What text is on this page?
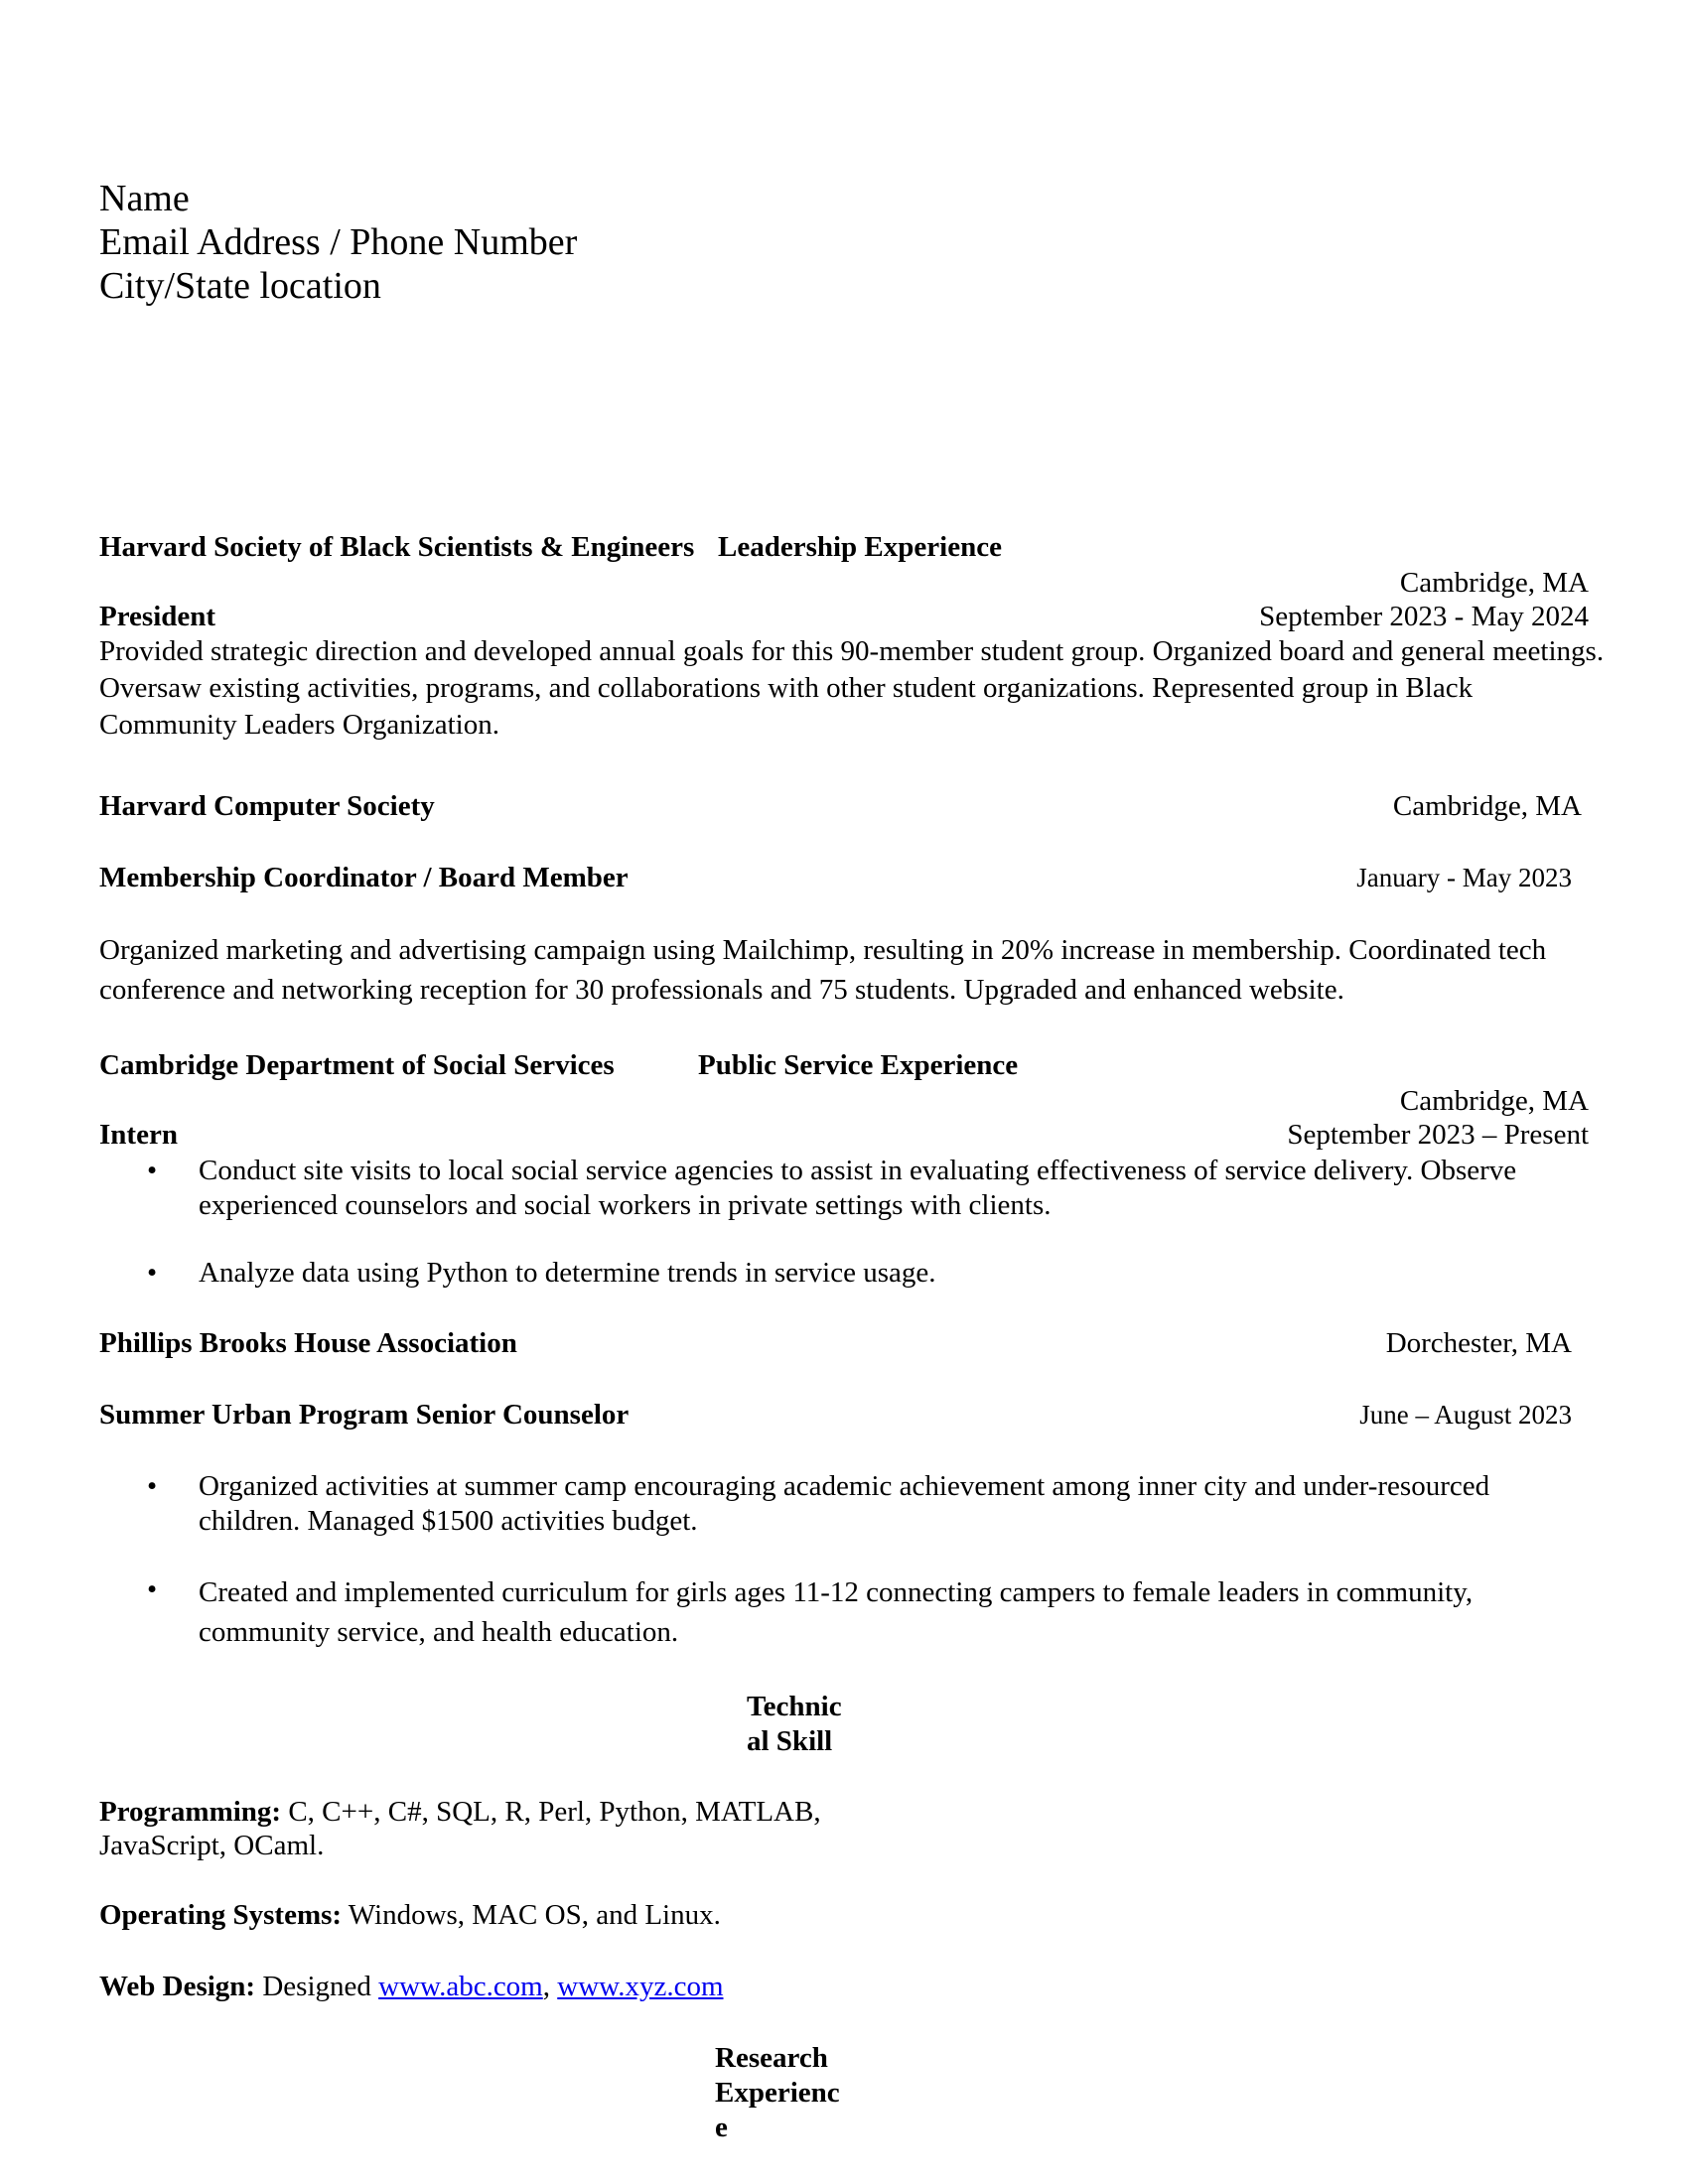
Name
Email Address / Phone Number
City/State location
Harvard Society of Black Scientists & Engineers Leadership Experience
Cambridge, MA
President	September 2023 - May 2024
Provided strategic direction and developed annual goals for this 90-member student group. Organized board and general meetings. Oversaw existing activities, programs, and collaborations with other student organizations. Represented group in Black Community Leaders Organization.
Harvard Computer Society	Cambridge, MA
Membership Coordinator / Board Member	January - May 2023
Organized marketing and advertising campaign using Mailchimp, resulting in 20% increase in membership. Coordinated tech conference and networking reception for 30 professionals and 75 students. Upgraded and enhanced website.
Cambridge Department of Social Services	Public Service Experience
Cambridge, MA
Intern	September 2023 – Present
• Conduct site visits to local social service agencies to assist in evaluating effectiveness of service delivery. Observe experienced counselors and social workers in private settings with clients.
• Analyze data using Python to determine trends in service usage.
Phillips Brooks House Association	Dorchester, MA
Summer Urban Program Senior Counselor	June – August 2023
• Organized activities at summer camp encouraging academic achievement among inner city and under-resourced children. Managed $1500 activities budget.
• Created and implemented curriculum for girls ages 11-12 connecting campers to female leaders in community, community service, and health education.
Technic
al Skill
Programming: C, C++, C#, SQL, R, Perl, Python, MATLAB,
JavaScript, OCaml.
Operating Systems: Windows, MAC OS, and Linux.
Web Design: Designed www.abc.com, www.xyz.com
Research
Experienc
e
